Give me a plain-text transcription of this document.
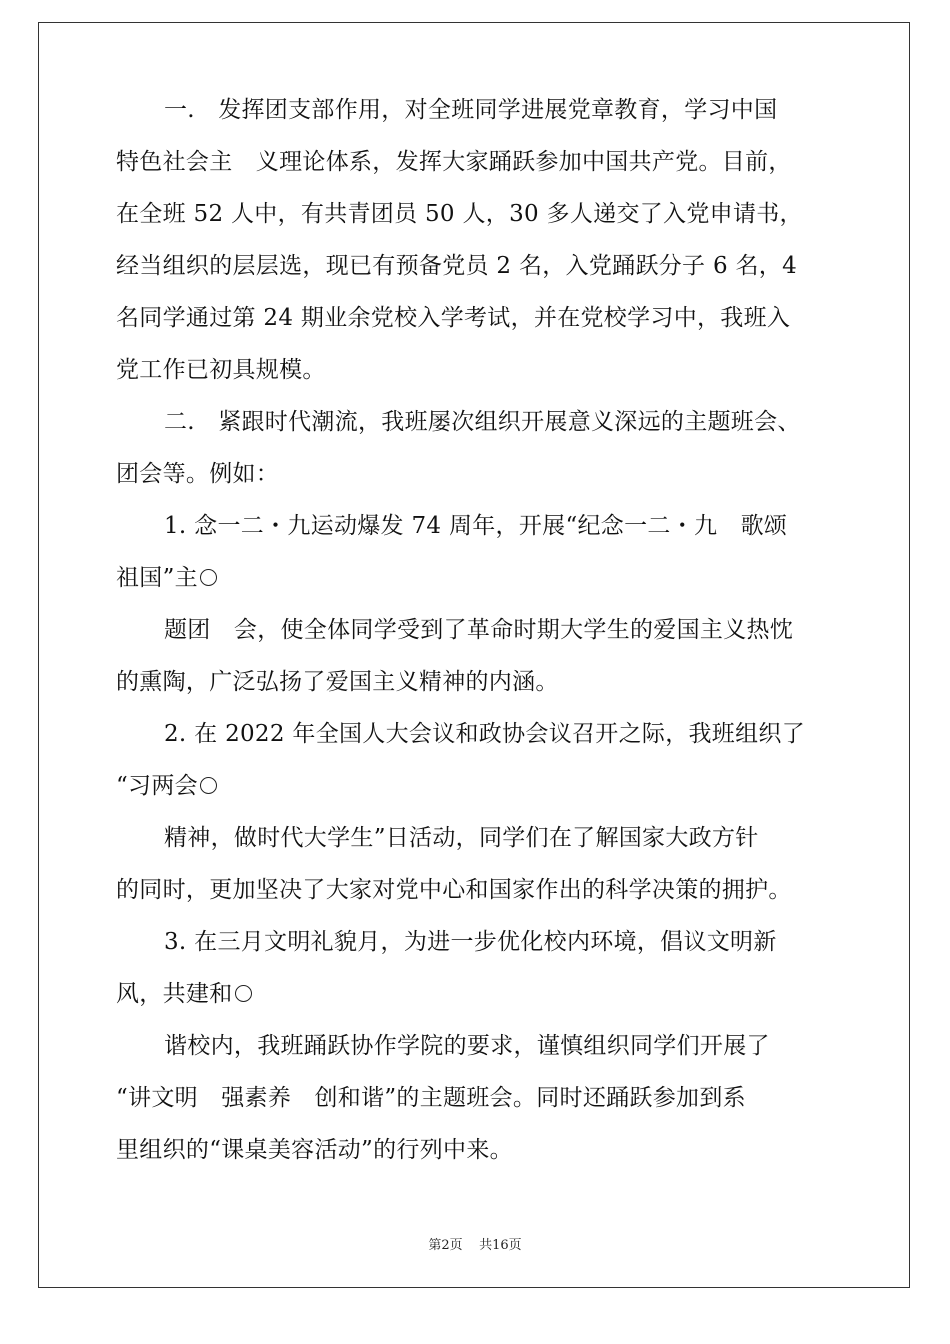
一.　发挥团支部作用，对全班同学进展党章教育，学习中国
特色社会主　义理论体系，发挥大家踊跃参加中国共产党。目前，
在全班 52 人中，有共青团员 50 人，30 多人递交了入党申请书，
经当组织的层层选，现已有预备党员 2 名，入党踊跃分子 6 名，4
名同学通过第 24 期业余党校入学考试，并在党校学习中，我班入
党工作已初具规模。
二.　紧跟时代潮流，我班屡次组织开展意义深远的主题班会、
团会等。例如：
1. 念一二・九运动爆发 74 周年，开展“纪念一二・九　歌颂
祖国”主
题团　会，使全体同学受到了革命时期大学生的爱国主义热忱
的熏陶，广泛弘扬了爱国主义精神的内涵。
2. 在 2022 年全国人大会议和政协会议召开之际，我班组织了
“习两会
精神，做时代大学生”日活动，同学们在了解国家大政方针
的同时，更加坚决了大家对党中心和国家作出的科学决策的拥护。
3. 在三月文明礼貌月，为进一步优化校内环境，倡议文明新
风，共建和
谐校内，我班踊跃协作学院的要求，谨慎组织同学们开展了
“讲文明　强素养　创和谐”的主题班会。同时还踊跃参加到系
里组织的“课桌美容活动”的行列中来。
第2页 共16页
